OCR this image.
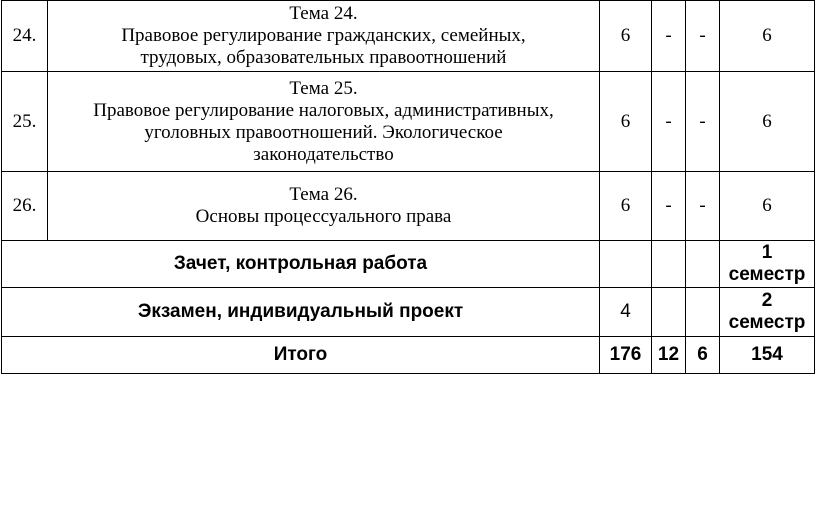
24.	Тема 24.
Правовое регулирование гражданских, семейных,
трудовых, образовательных правоотношений	6	-	-	6
25.	Тема 25.
Правовое регулирование налоговых, административных,
уголовных правоотношений. Экологическое
законодательство	6	-	-	6
26.	Тема 26.
Основы процессуального права	6	-	-	6
Зачет, контрольная работа					1
семестр

Экзамен, индивидуальный проект		4			2
семестр

Итого		176	12	6	154
